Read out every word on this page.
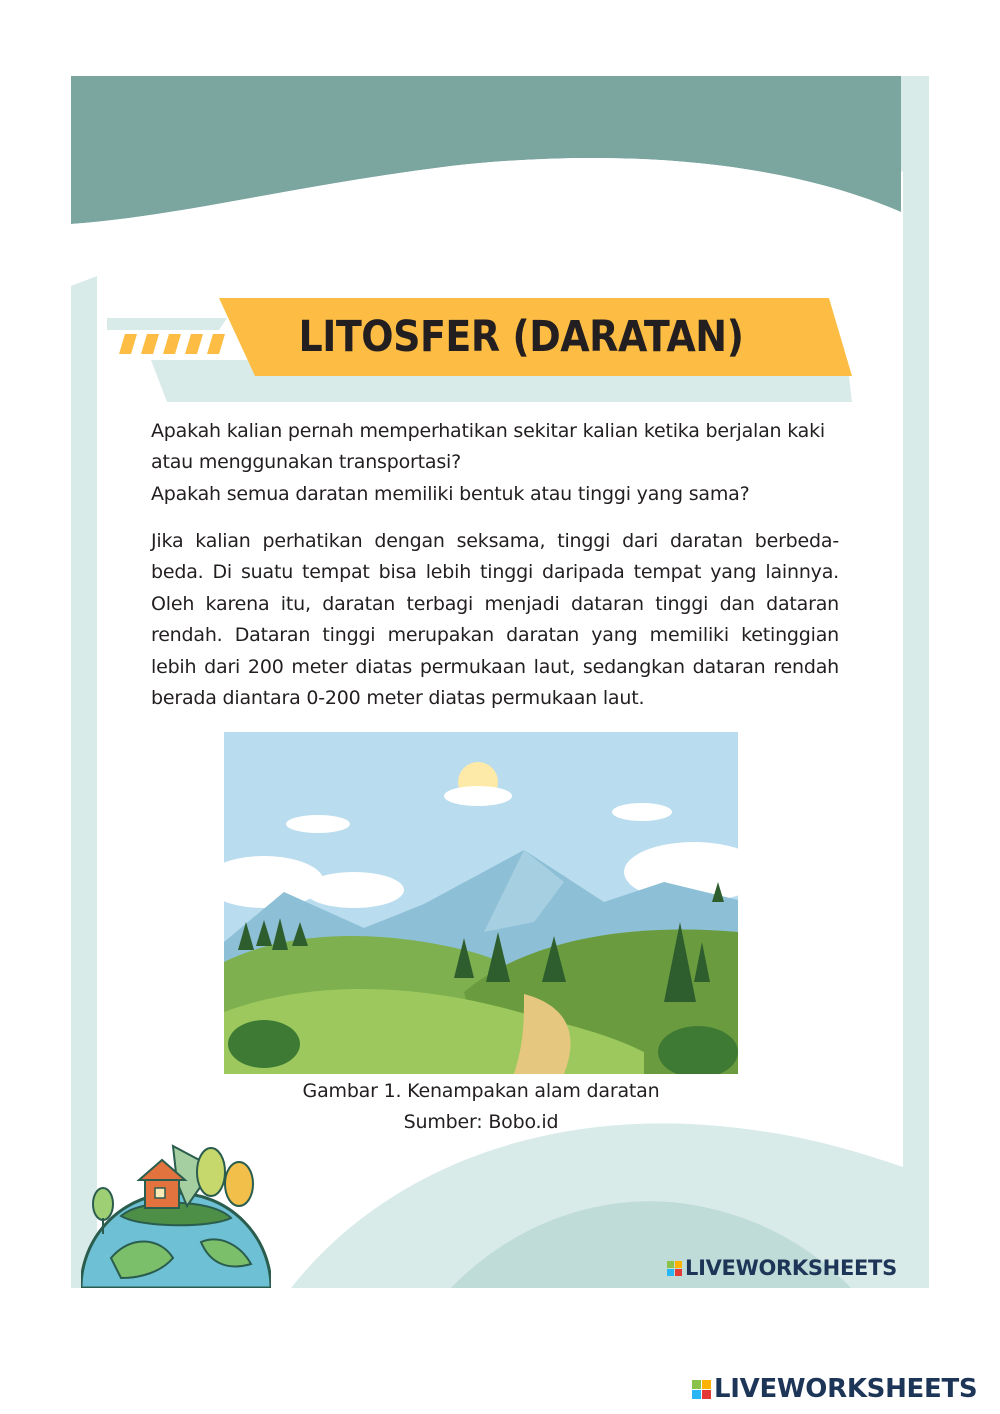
LITOSFER (DARATAN)

Apakah kalian pernah memperhatikan sekitar kalian ketika berjalan kaki atau menggunakan transportasi?

Apakah semua daratan memiliki bentuk atau tinggi yang sama?

Jika kalian perhatikan dengan seksama, tinggi dari daratan berbeda-beda. Di suatu tempat bisa lebih tinggi daripada tempat yang lainnya. Oleh karena itu, daratan terbagi menjadi dataran tinggi dan dataran rendah. Dataran tinggi merupakan daratan yang memiliki ketinggian lebih dari 200 meter diatas permukaan laut, sedangkan dataran rendah berada diantara 0-200 meter diatas permukaan laut.

Gambar 1. Kenampakan alam daratan
Sumber: Bobo.id
LIVEWORKSHEETS
LIVEWORKSHEETS
